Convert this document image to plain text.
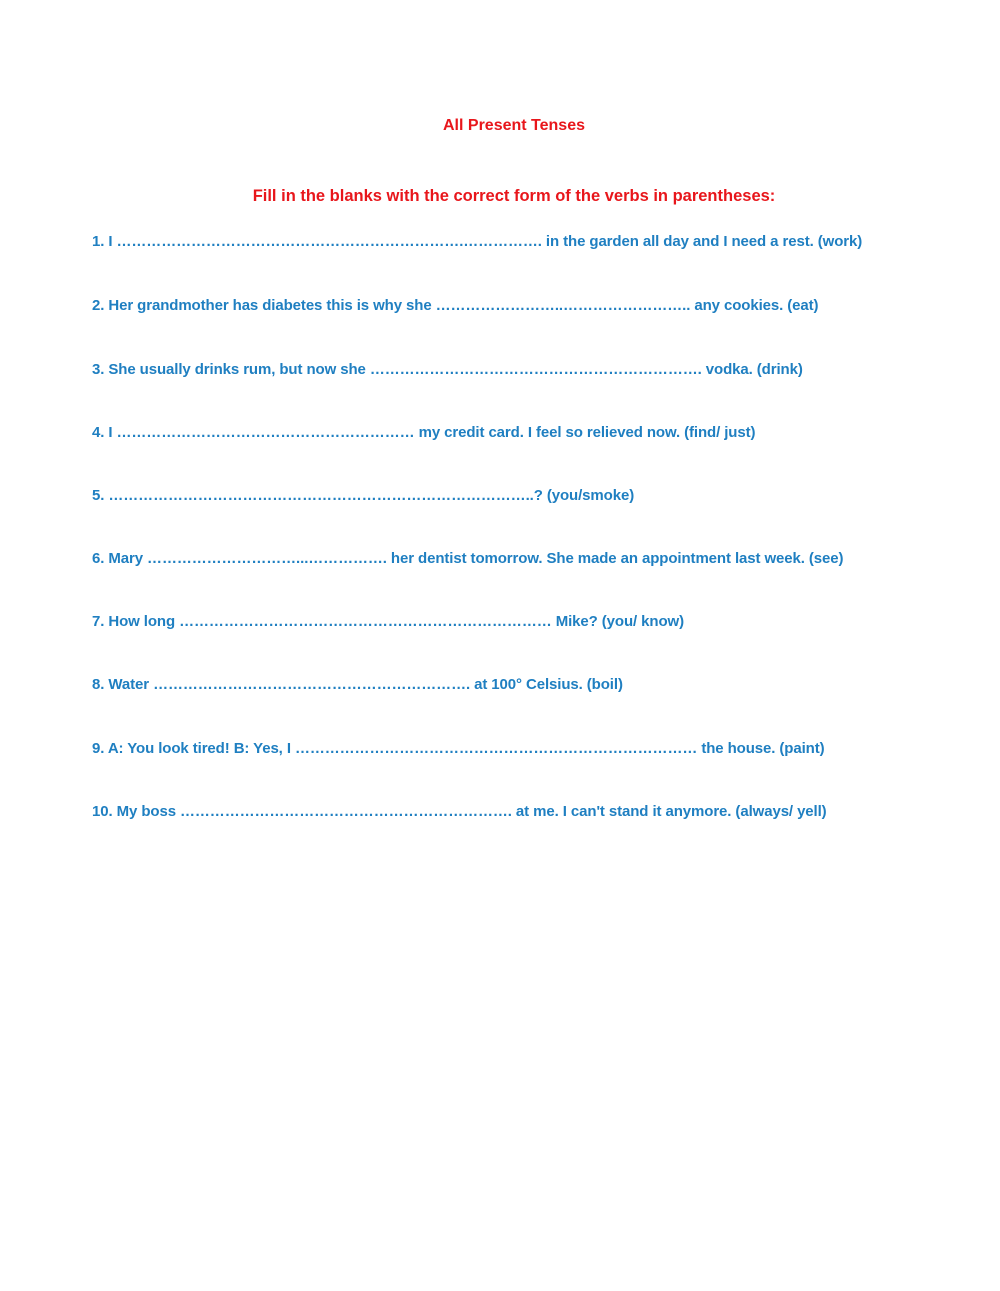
All Present Tenses
Fill in the blanks with the correct form of the verbs in parentheses:
1. I …………………………………………………………….……………. in the garden all day and I need a rest. (work)
2. Her grandmother has diabetes this is why she ……………………..…………………….. any cookies. (eat)
3. She usually drinks rum, but now she …………………………………………………………. vodka. (drink)
4. I …………………………………………………… my credit card. I feel so relieved now. (find/ just)
5. …………………………………………………………………………..? (you/smoke)
6. Mary …………………………...……………. her dentist tomorrow. She made an appointment last week. (see)
7. How long ………………………………………………………………… Mike? (you/ know)
8. Water ………………………………………………………. at 100° Celsius. (boil)
9. A: You look tired! B: Yes, I ……………………………………………………………………… the house. (paint)
10. My boss …………………………………………………………. at me. I can't stand it anymore. (always/ yell)
